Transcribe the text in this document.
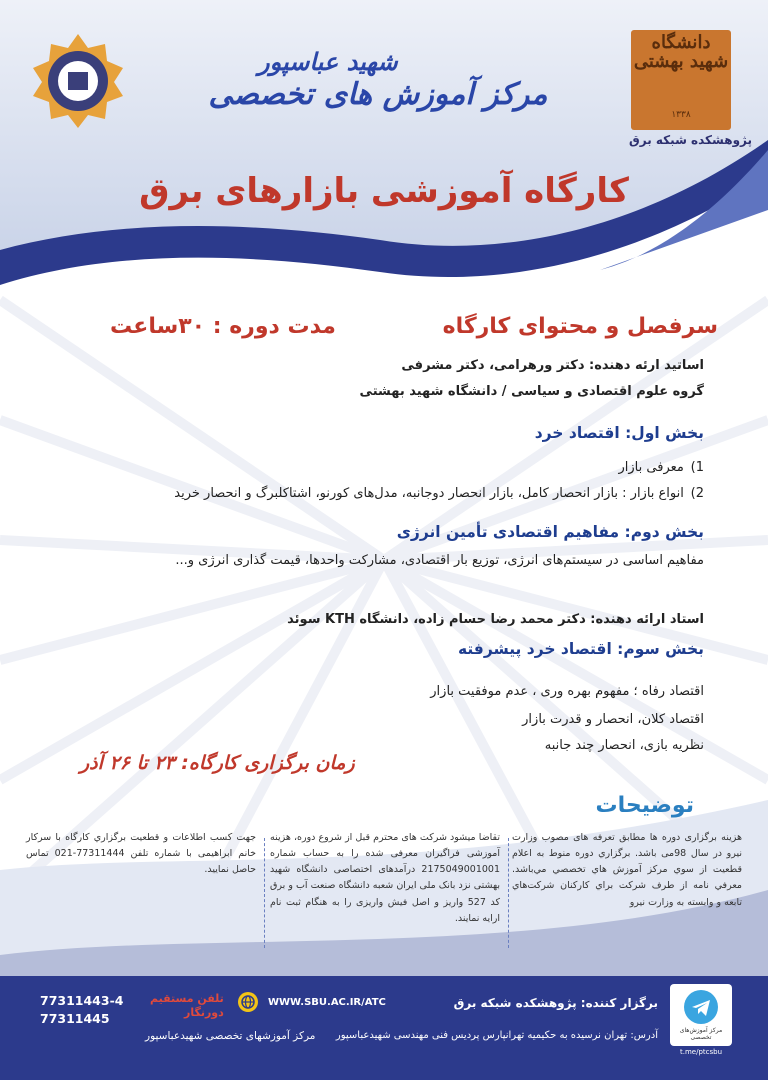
دانشگاه شهید بهشتی
۱۳۳۸
پژوهشکده شبکه برق
شهید عباسپور
مرکز آموزش های تخصصی
کارگاه آموزشی بازارهای برق
سرفصل و محتوای کارگاه
مدت دوره : ۳۰ساعت
اساتید ارئه دهنده: دکتر ورهرامی، دکتر مشرفی
گروه علوم اقتصادی و سیاسی / دانشگاه شهید بهشتی
بخش اول: اقتصاد خرد
1) معرفی بازار
2) انواع بازار : بازار انحصار کامل، بازار انحصار دوجانبه، مدل‌های کورنو، اشتاکلبرگ و انحصار خرید
بخش دوم: مفاهیم اقتصادی تأمین انرژی
مفاهیم اساسی در سیستم‌های انرژی، توزیع بار اقتصادی، مشارکت واحدها، قیمت گذاری انرژی و...
استاد ارائه دهنده: دکتر محمد رضا حسام زاده، دانشگاه KTH سوئد
بخش سوم: اقتصاد خرد پیشرفته
اقتصاد رفاه ؛ مفهوم بهره وری ، عدم موفقیت بازار
اقتصاد کلان، انحصار و قدرت بازار
نظریه بازی، انحصار چند جانبه
زمان برگزاری کارگاه: ۲۳ تا ۲۶ آذر
توضیحات
هزینه برگزاری دوره ها مطابق تعرفه های مصوب وزارت نیرو در سال 98می باشد. برگزاري دوره منوط به اعلام قطعیت از سوي مرکز آموزش هاي تخصصي مي‌باشد. معرفي نامه از طرف شرکت براي کارکنان شرکت‌هاي تابعه و وابسته به وزارت نيرو
تقاضا میشود شرکت های محترم قبل از شروع دوره، هزینه آموزشی فراگیران معرفی شده را به حساب شماره 2175049001001 درآمدهای اختصاصی دانشگاه شهید بهشتی نزد بانک ملی ایران شعبه دانشگاه صنعت آب و برق کد 527 واریز و اصل فیش واریزی را به هنگام ثبت نام ارایه نمایند.
جهت کسب اطلاعات و قطعیت برگزاري کارگاه با سرکار خانم ابراهیمی با شماره تلفن 77311444-021 تماس حاصل نمایید.
مرکز آموزش‌های تخصصی
t.me/ptcsbu
برگزار کننده: پژوهشکده شبکه برق
آدرس: تهران نرسیده به حکیمیه تهرانپارس پردیس فنی مهندسی شهیدعباسپور
WWW.SBU.AC.IR/ATC
مرکز آموزشهای تخصصی شهیدعباسپور
تلفن مستقیم
دورنگار
77311443-4
77311445
